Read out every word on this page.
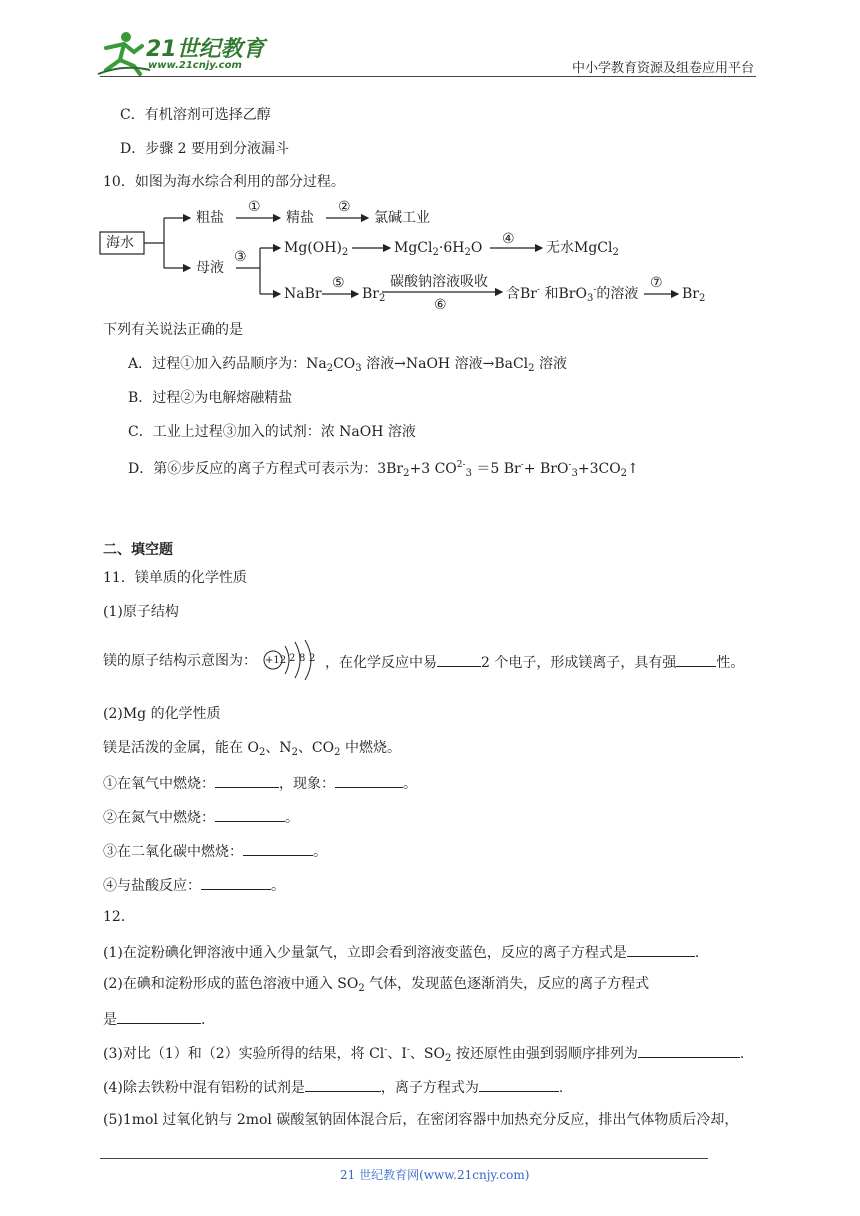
21世纪教育
www.21cnjy.com	中小学教育资源及组卷应用平台
C．有机溶剂可选择乙醇
D．步骤 2 要用到分液漏斗
10．如图为海水综合利用的部分过程。
海水
粗盐
①
精盐
②
氯碱工业
母液
③
$Mg(OH)_2$	$MgCl_2\cdot 6H_2O$
④
无水MgCl$_2$
NaBr
⑤
$Br_2$
碳酸钠溶液吸收
⑥
含Br- 和BrO$_3$-的溶液
⑦
$Br_2$
下列有关说法正确的是
A．过程①加入药品顺序为：$Na_2CO_3$ 溶液→NaOH 溶液→BaCl$_2$ 溶液
B．过程②为电解熔融精盐
C．工业上过程③加入的试剂：浓 NaOH 溶液
D．第⑥步反应的离子方程式可表示为：$3Br_2+3$ $CO^{2-}_3 =5$ $Br^-+ BrO^-_3+3CO_2↑$
二、填空题
11．镁单质的化学性质
(1)原子结构
镁的原子结构示意图为： +12 2 8 2 ，在化学反应中易	2 个电子，形成镁离子，具有强	性。
(2)Mg 的化学性质
镁是活泼的金属，能在 $O_2$、$N_2$、$CO_2$ 中燃烧。
①在氧气中燃烧：	，现象：	。
②在氮气中燃烧：	。
③在二氧化碳中燃烧：	。
④与盐酸反应：	。
12．
(1)在淀粉碘化钾溶液中通入少量氯气，立即会看到溶液变蓝色，反应的离子方程式是	.
(2)在碘和淀粉形成的蓝色溶液中通入 $SO_2$ 气体，发现蓝色逐渐消失，反应的离子方程式
是	.
(3)对比（1）和（2）实验所得的结果，将 Cl-、I-、$SO_2$ 按还原性由强到弱顺序排列为	.
(4)除去铁粉中混有铝粉的试剂是	，离子方程式为	.
(5)1mol 过氧化钠与 2mol 碳酸氢钠固体混合后，在密闭容器中加热充分反应，排出气体物质后冷却，
21 世纪教育网(www.21cnjy.com)
